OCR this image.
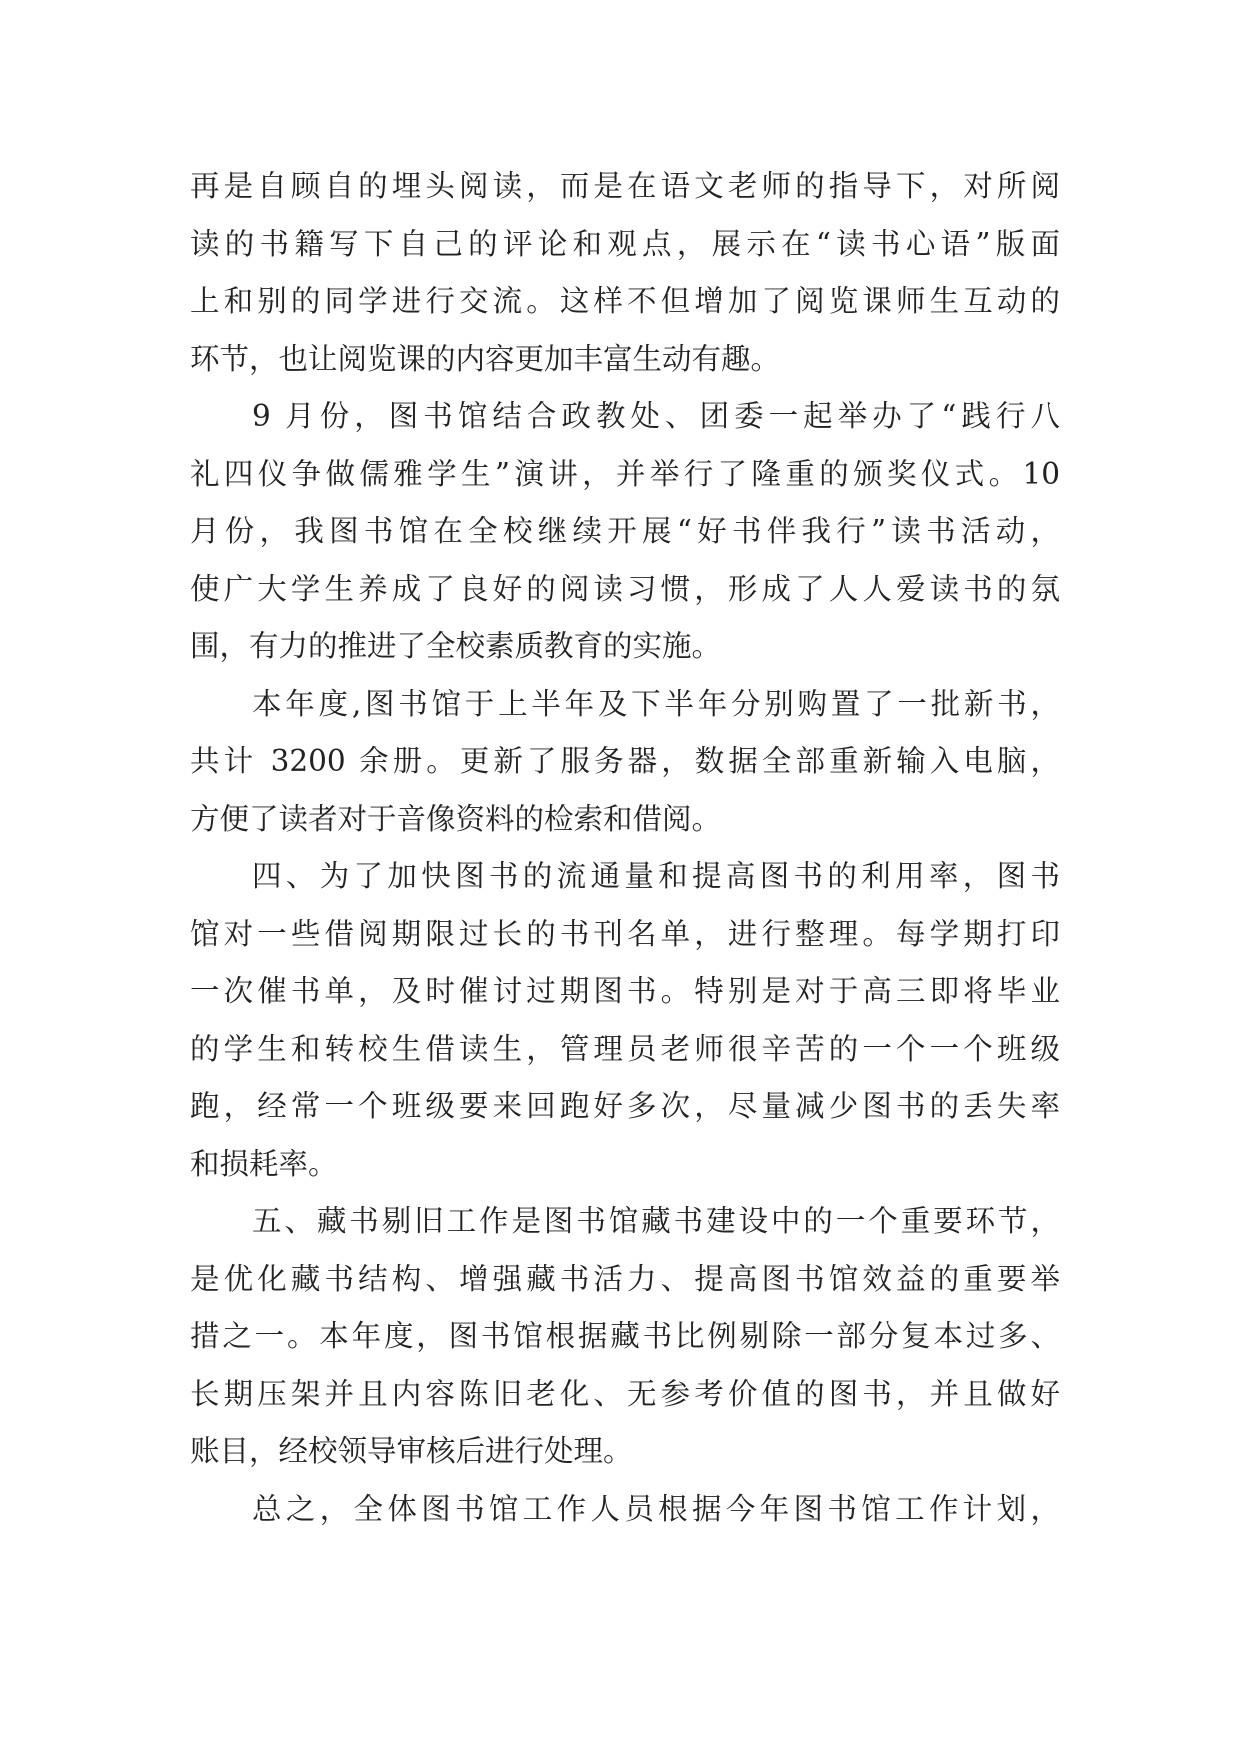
再是自顾自的埋头阅读，而是在语文老师的指导下，对所阅
读的书籍写下自己的评论和观点，展示在“读书心语”版面
上和别的同学进行交流。这样不但增加了阅览课师生互动的
环节，也让阅览课的内容更加丰富生动有趣。
9 月份，图书馆结合政教处、团委一起举办了“践行八
礼四仪争做儒雅学生”演讲，并举行了隆重的颁奖仪式。10
月份，我图书馆在全校继续开展“好书伴我行”读书活动，
使广大学生养成了良好的阅读习惯，形成了人人爱读书的氛
围，有力的推进了全校素质教育的实施。
本年度,图书馆于上半年及下半年分别购置了一批新书，
共计 3200 余册。更新了服务器，数据全部重新输入电脑，
方便了读者对于音像资料的检索和借阅。
四、为了加快图书的流通量和提高图书的利用率，图书
馆对一些借阅期限过长的书刊名单，进行整理。每学期打印
一次催书单，及时催讨过期图书。特别是对于高三即将毕业
的学生和转校生借读生，管理员老师很辛苦的一个一个班级
跑，经常一个班级要来回跑好多次，尽量减少图书的丢失率
和损耗率。
五、藏书剔旧工作是图书馆藏书建设中的一个重要环节，
是优化藏书结构、增强藏书活力、提高图书馆效益的重要举
措之一。本年度，图书馆根据藏书比例剔除一部分复本过多、
长期压架并且内容陈旧老化、无参考价值的图书，并且做好
账目，经校领导审核后进行处理。
总之，全体图书馆工作人员根据今年图书馆工作计划，
